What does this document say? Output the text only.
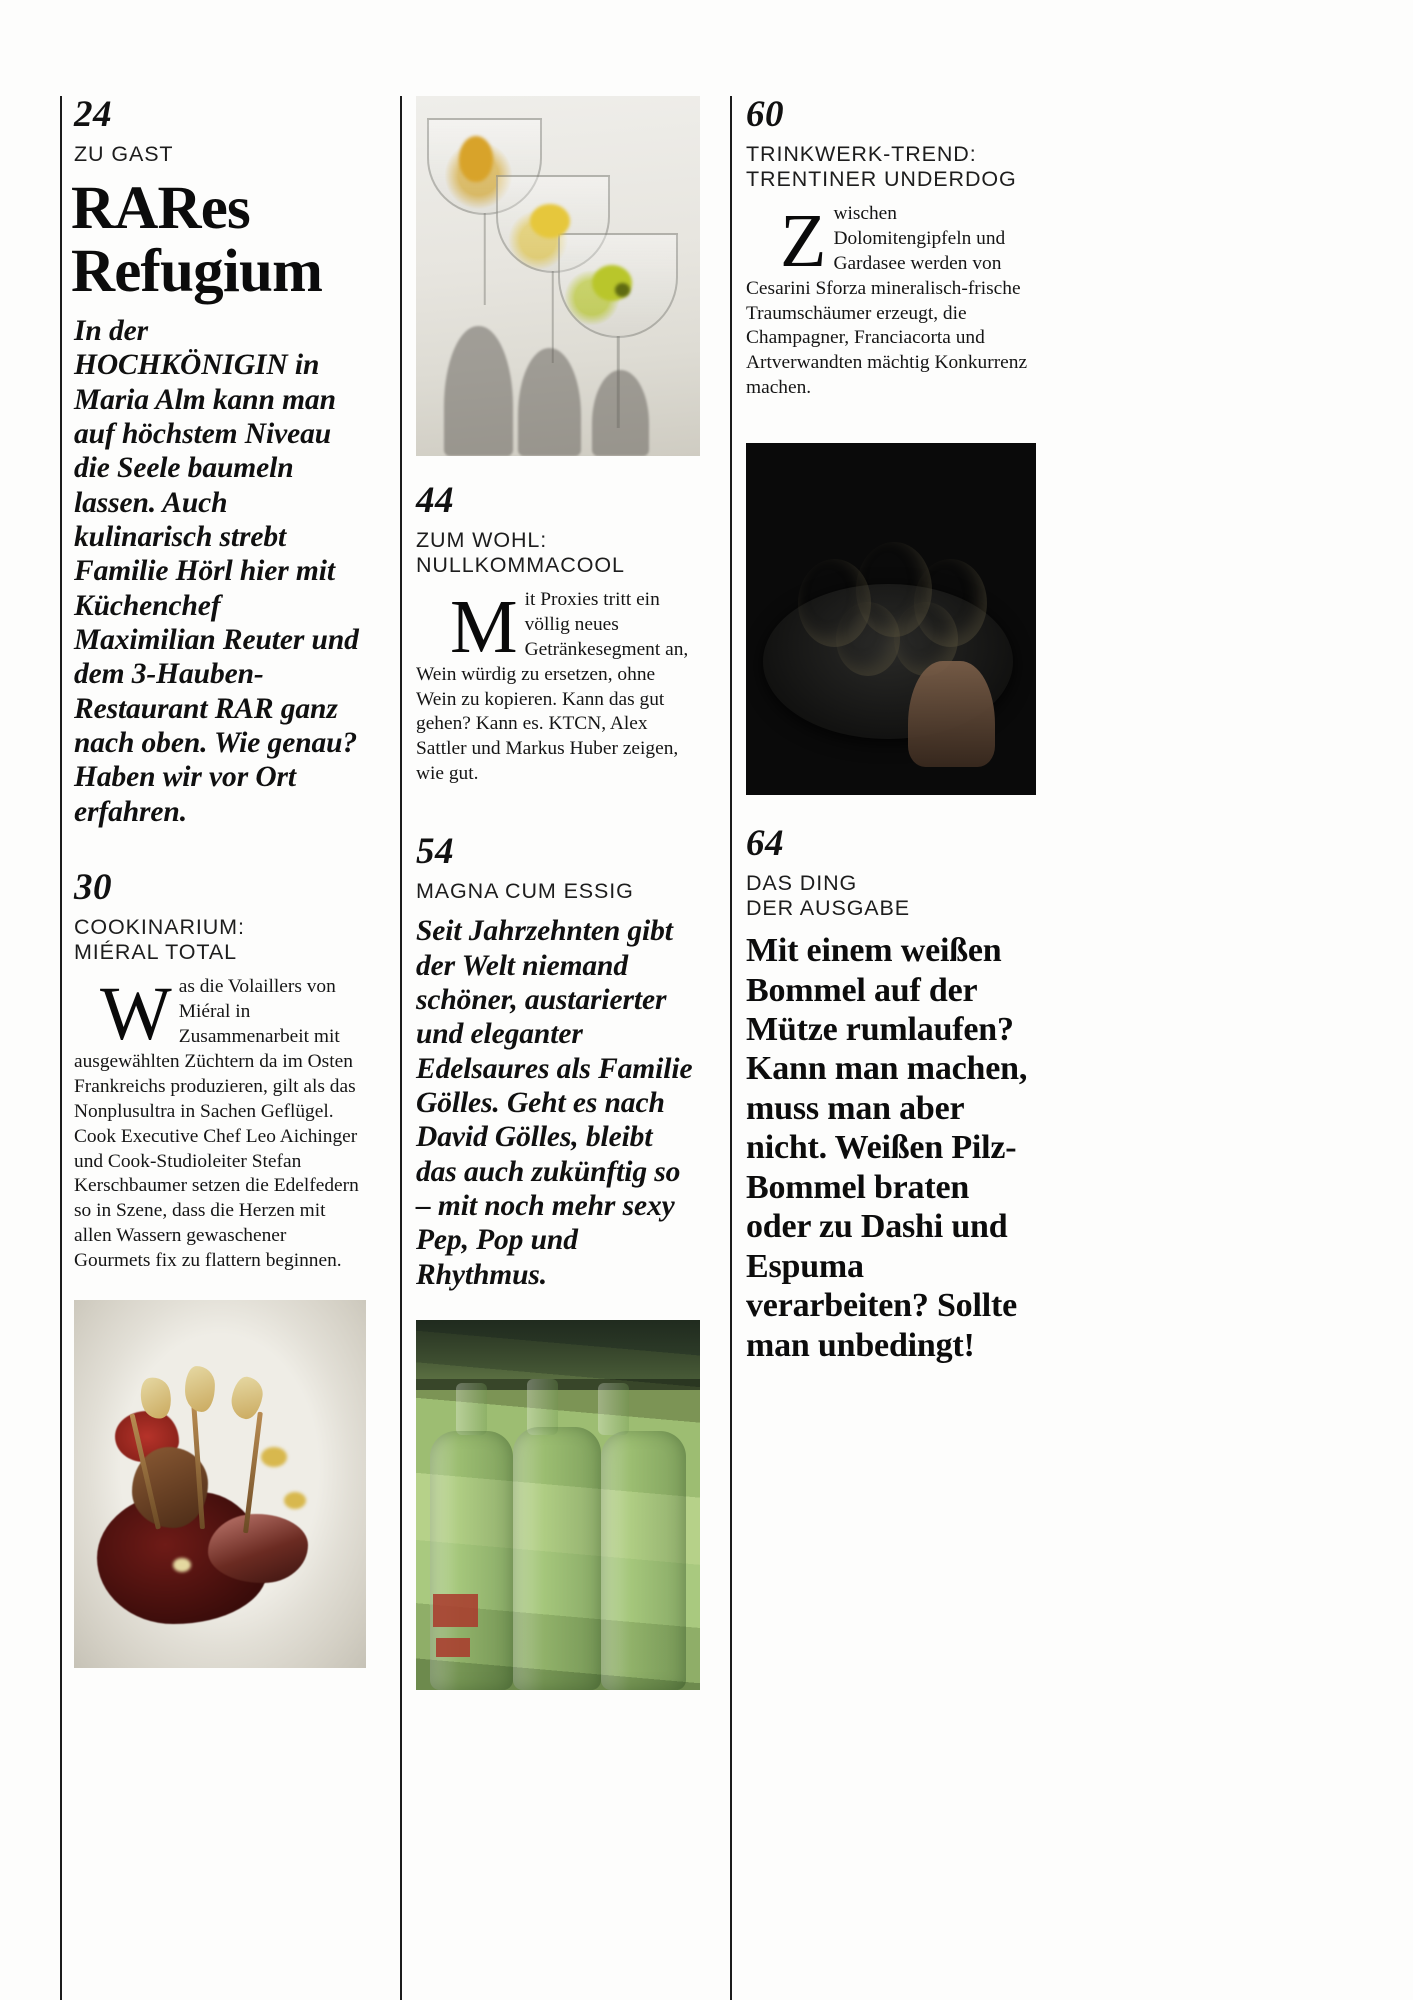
24
ZU GAST
RARes
Refugium

In der HOCHKÖNIGIN in Maria Alm kann man auf höchstem Niveau die Seele baumeln lassen. Auch kulinarisch strebt Familie Hörl hier mit Küchenchef Maximilian Reuter und dem 3-Hauben-Restaurant RAR ganz nach oben. Wie genau? Haben wir vor Ort erfahren.

30
COOKINARIUM:
MIÉRAL TOTAL
W as die Volaillers von Miéral in Zusammenarbeit mit ausgewählten Züchtern da im Osten Frankreichs produzieren, gilt als das Nonplusultra in Sachen Geflügel. Cook Executive Chef Leo Aichinger und Cook-Studioleiter Stefan Kerschbaumer setzen die Edelfedern so in Szene, dass die Herzen mit allen Wassern gewaschener Gourmets fix zu flattern beginnen.

44
ZUM WOHL:
NULLKOMMACOOL
M it Proxies tritt ein völlig neues Getränkesegment an, Wein würdig zu ersetzen, ohne Wein zu kopieren. Kann das gut gehen? Kann es. KTCN, Alex Sattler und Markus Huber zeigen, wie gut.

54
MAGNA CUM ESSIG

Seit Jahrzehnten gibt der Welt niemand schöner, austarierter und eleganter Edelsaures als Familie Gölles. Geht es nach David Gölles, bleibt das auch zukünftig so – mit noch mehr sexy Pep, Pop und Rhythmus.

60
TRINKWERK-TREND:
TRENTINER UNDERDOG
Z wischen Dolomitengipfeln und Gardasee werden von Cesarini Sforza mineralisch-frische Traumschäumer erzeugt, die Champagner, Franciacorta und Artverwandten mächtig Konkurrenz machen.

64
DAS DING
DER AUSGABE

Mit einem weißen Bommel auf der Mütze rumlaufen? Kann man machen, muss man aber nicht. Weißen Pilz-Bommel braten oder zu Dashi und Espuma verarbeiten? Sollte man unbedingt!
